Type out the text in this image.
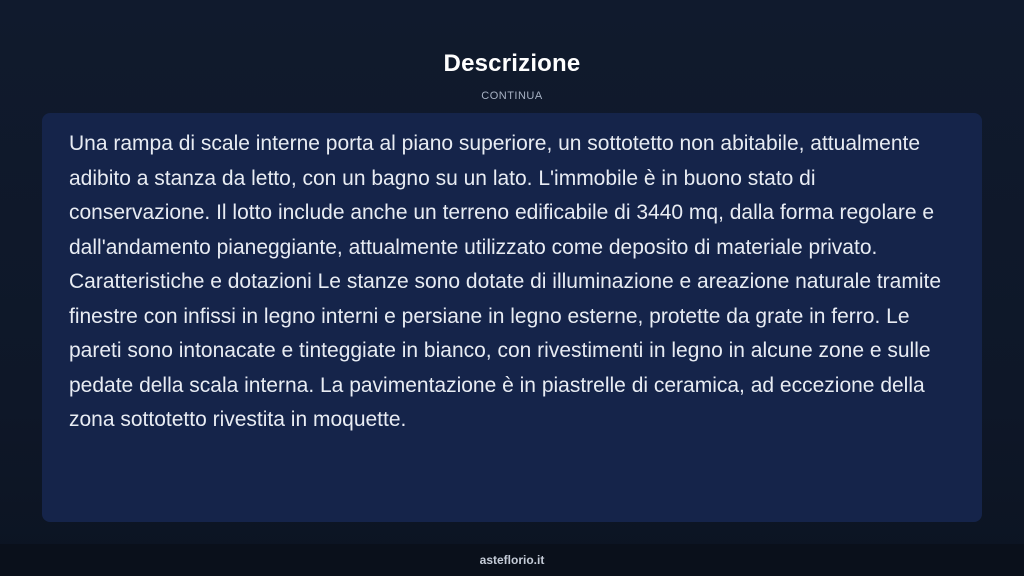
Descrizione
CONTINUA

Una rampa di scale interne porta al piano superiore, un sottotetto non abitabile, attualmente adibito a stanza da letto, con un bagno su un lato. L'immobile è in buono stato di conservazione. Il lotto include anche un terreno edificabile di 3440 mq, dalla forma regolare e dall'andamento pianeggiante, attualmente utilizzato come deposito di materiale privato. Caratteristiche e dotazioni Le stanze sono dotate di illuminazione e areazione naturale tramite finestre con infissi in legno interni e persiane in legno esterne, protette da grate in ferro. Le pareti sono intonacate e tinteggiate in bianco, con rivestimenti in legno in alcune zone e sulle pedate della scala interna. La pavimentazione è in piastrelle di ceramica, ad eccezione della zona sottotetto rivestita in moquette.

asteflorio.it
